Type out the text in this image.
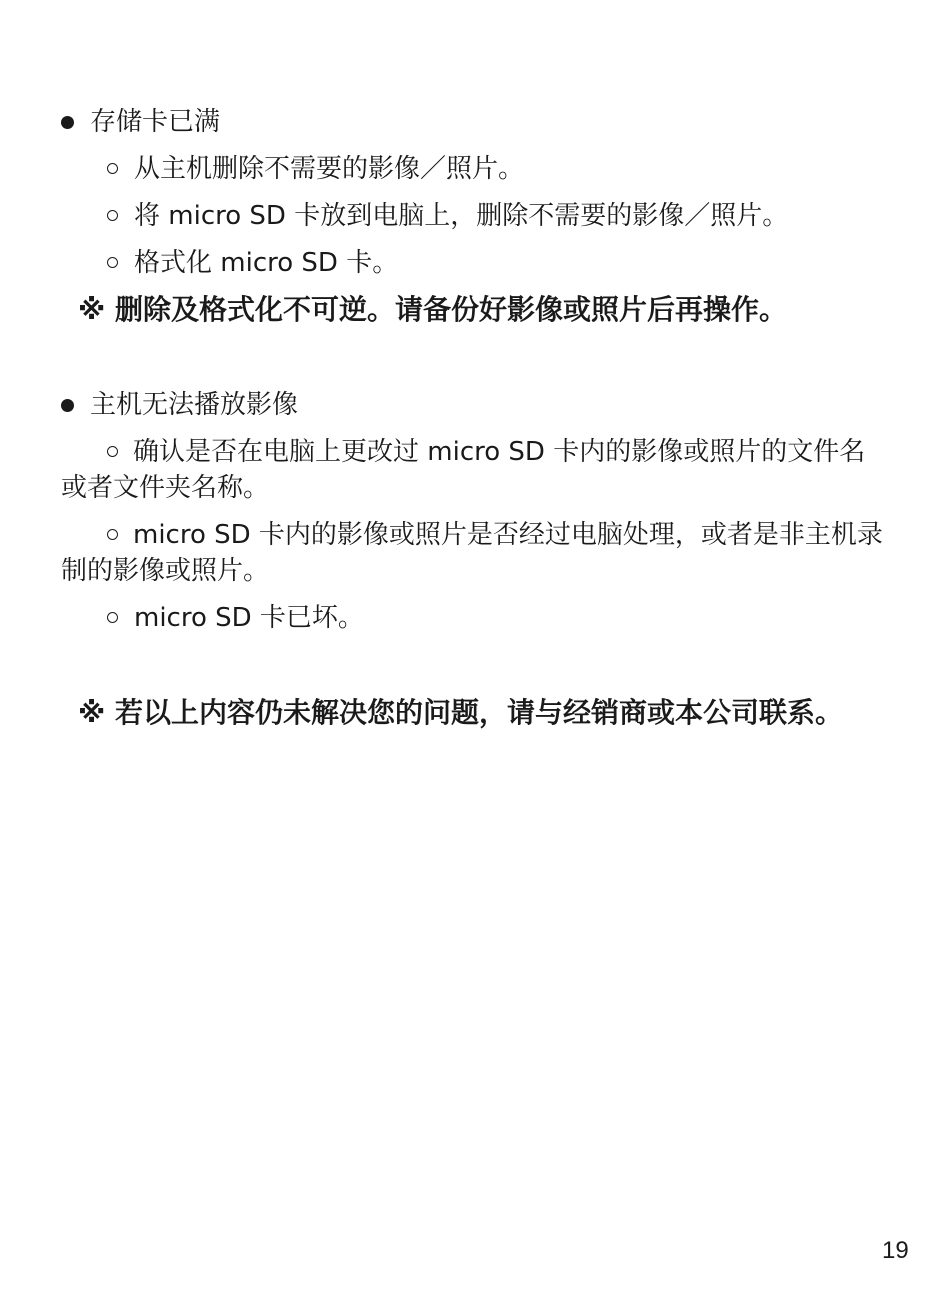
存储卡已满
从主机删除不需要的影像／照片。
将 micro SD 卡放到电脑上，删除不需要的影像／照片。
格式化 micro SD 卡。
※ 删除及格式化不可逆。请备份好影像或照片后再操作。
主机无法播放影像
确认是否在电脑上更改过 micro SD 卡内的影像或照片的文件名或者文件夹名称。
micro SD 卡内的影像或照片是否经过电脑处理，或者是非主机录制的影像或照片。
micro SD 卡已坏。
※ 若以上内容仍未解决您的问题，请与经销商或本公司联系。
19
